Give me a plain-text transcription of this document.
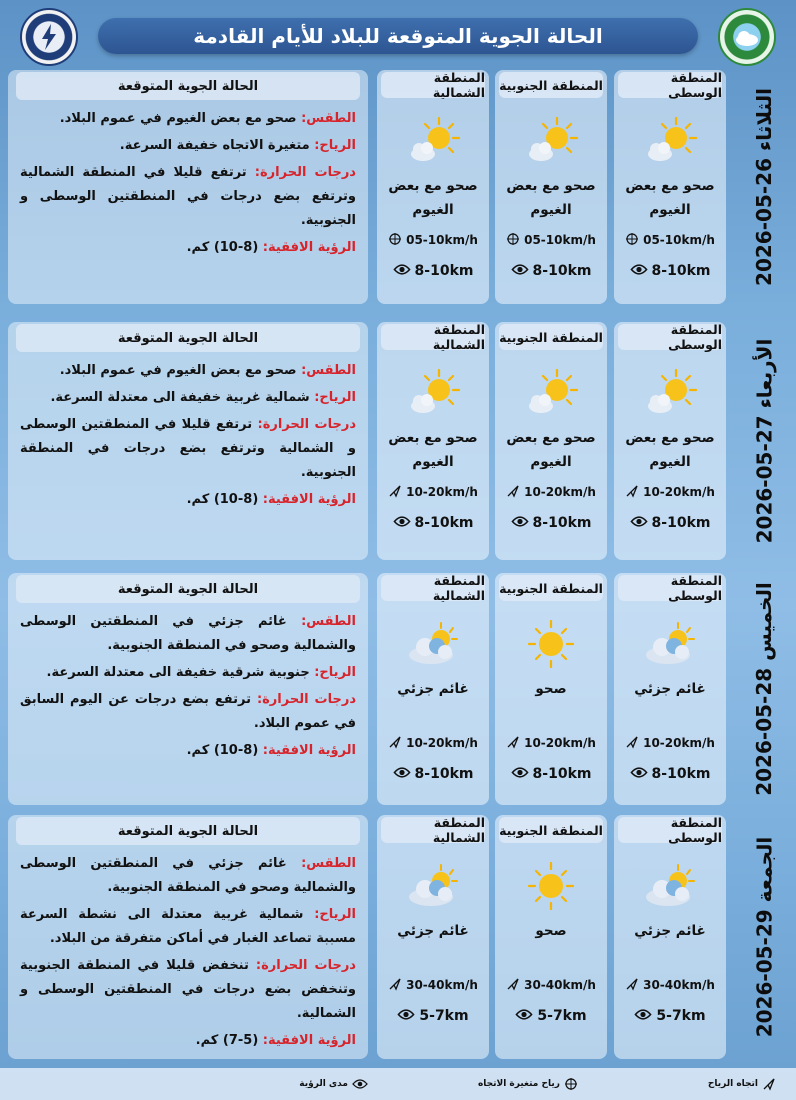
الحالة الجوية المتوقعة للبلاد للأيام القادمة
الثلاثاء 26-05-2026
المنطقة الوسطى
صحو مع بعض الغيوم
05-10km/h
8-10km
المنطقة الجنوبية
صحو مع بعض الغيوم
05-10km/h
8-10km
المنطقة الشمالية
صحو مع بعض الغيوم
05-10km/h
8-10km
الحالة الجوية المتوقعة

الطقس: صحو مع بعض الغيوم في عموم البلاد.

الرياح: متغيرة الاتجاه خفيفة السرعة.

درجات الحرارة: ترتفع قليلا في المنطقة الشمالية وترتفع بضع درجات في المنطقتين الوسطى و الجنوبية.

الرؤية الافقية: (8-10) كم.

الأربعاء 27-05-2026
المنطقة الوسطى
صحو مع بعض الغيوم
10-20km/h
8-10km
المنطقة الجنوبية
صحو مع بعض الغيوم
10-20km/h
8-10km
المنطقة الشمالية
صحو مع بعض الغيوم
10-20km/h
8-10km
الحالة الجوية المتوقعة

الطقس: صحو مع بعض الغيوم في عموم البلاد.

الرياح: شمالية غربية خفيفة الى معتدلة السرعة.

درجات الحرارة: ترتفع قليلا في المنطقتين الوسطى و الشمالية وترتفع بضع درجات في المنطقة الجنوبية.

الرؤية الافقية: (8-10) كم.

الخميس 28-05-2026
المنطقة الوسطى
غائم جزئي
10-20km/h
8-10km
المنطقة الجنوبية
صحو
10-20km/h
8-10km
المنطقة الشمالية
غائم جزئي
10-20km/h
8-10km
الحالة الجوية المتوقعة

الطقس: غائم جزئي في المنطقتين الوسطى والشمالية وصحو في المنطقة الجنوبية.

الرياح: جنوبية شرقية خفيفة الى معتدلة السرعة.

درجات الحرارة: ترتفع بضع درجات عن اليوم السابق في عموم البلاد.

الرؤية الافقية: (8-10) كم.

الجمعة 29-05-2026
المنطقة الوسطى
غائم جزئي
30-40km/h
5-7km
المنطقة الجنوبية
صحو
30-40km/h
5-7km
المنطقة الشمالية
غائم جزئي
30-40km/h
5-7km
الحالة الجوية المتوقعة

الطقس: غائم جزئي في المنطقتين الوسطى والشمالية وصحو في المنطقة الجنوبية.

الرياح: شمالية غربية معتدلة الى نشطة السرعة مسببة تصاعد الغبار في أماكن متفرقة من البلاد.

درجات الحرارة: تنخفض قليلا في المنطقة الجنوبية وتنخفض بضع درجات في المنطقتين الوسطى و الشمالية.

الرؤية الافقية: (5-7) كم.

اتجاه الرياح
رياح متغيرة الاتجاه
مدى الرؤية
